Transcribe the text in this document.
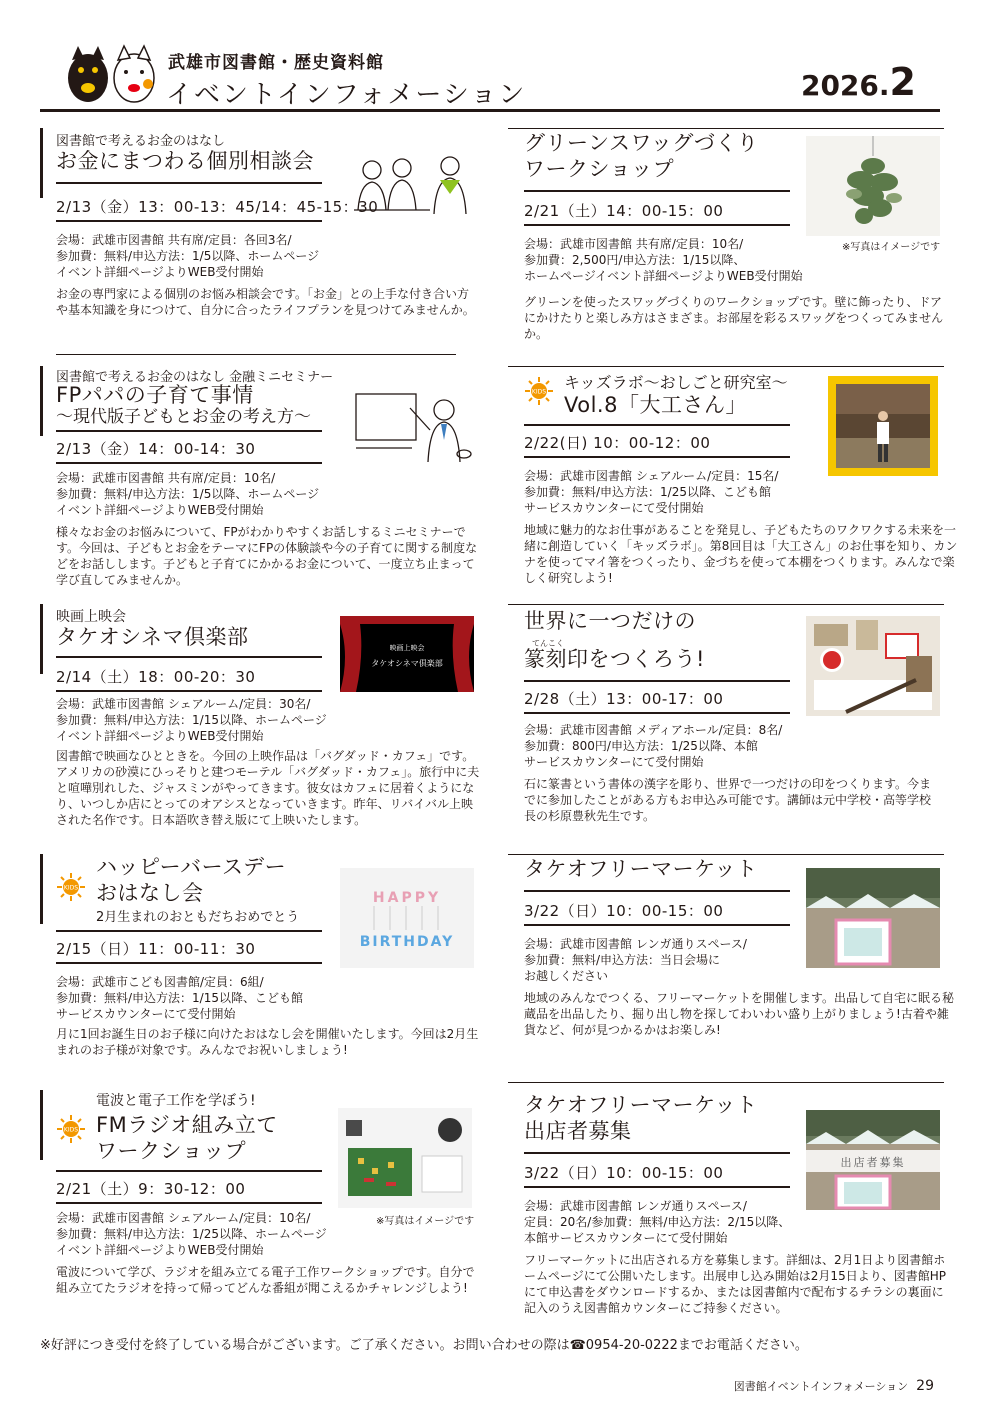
武雄市図書館・歴史資料館
イベントインフォメーション	2026.2
図書館で考えるお金のはなし
お金にまつわる個別相談会
2/13（金）13：00-13：45/14：45-15：30
会場：武雄市図書館 共有席/定員：各回3名/
参加費：無料/申込方法：1/5以降、ホームページ
イベント詳細ページよりWEB受付開始
お金の専門家による個別のお悩み相談会です。「お金」との上手な付き合い方や基本知識を身につけて、自分に合ったライフプランを見つけてみませんか。
グリーンスワッグづくり
ワークショップ
※写真はイメージです
2/21（土）14：00-15：00
会場：武雄市図書館 共有席/定員：10名/
参加費：2,500円/申込方法：1/15以降、
ホームページイベント詳細ページよりWEB受付開始
グリーンを使ったスワッグづくりのワークショップです。壁に飾ったり、ドアにかけたりと楽しみ方はさまざま。お部屋を彩るスワッグをつくってみませんか。
図書館で考えるお金のはなし 金融ミニセミナー
FPパパの子育て事情
～現代版子どもとお金の考え方～
2/13（金）14：00-14：30
会場：武雄市図書館 共有席/定員：10名/
参加費：無料/申込方法：1/5以降、ホームページ
イベント詳細ページよりWEB受付開始
様々なお金のお悩みについて、FPがわかりやすくお話しするミニセミナーです。今回は、子どもとお金をテーマにFPの体験談や今の子育てに関する制度などをお話しします。子どもと子育てにかかるお金について、一度立ち止まって学び直してみませんか。
KIDS キッズラボ～おしごと研究室～
Vol.8「大工さん」
2/22(日) 10：00-12：00
会場：武雄市図書館 シェアルーム/定員：15名/
参加費：無料/申込方法：1/25以降、こども館
サービスカウンターにて受付開始
地域に魅力的なお仕事があることを発見し、子どもたちのワクワクする未来を一緒に創造していく「キッズラボ」。第8回目は「大工さん」のお仕事を知り、カンナを使ってマイ箸をつくったり、金づちを使って本棚をつくります。みんなで楽しく研究しよう!
映画上映会
タケオシネマ倶楽部	映画上映会
タケオシネマ倶楽部
2/14（土）18：00-20：30
会場：武雄市図書館 シェアルーム/定員：30名/
参加費：無料/申込方法：1/15以降、ホームページ
イベント詳細ページよりWEB受付開始
図書館で映画なひとときを。今回の上映作品は「バグダッド・カフェ」です。アメリカの砂漠にひっそりと建つモーテル「バグダッド・カフェ」。旅行中に夫と喧嘩別れした、ジャスミンがやってきます。彼女はカフェに居着くようになり、いつしか店にとってのオアシスとなっていきます。昨年、リバイバル上映された名作です。日本語吹き替え版にて上映いたします。
世界に一つだけの
てんこく
篆刻印をつくろう!
2/28（土）13：00-17：00
会場：武雄市図書館 メディアホール/定員：8名/
参加費：800円/申込方法：1/25以降、本館
サービスカウンターにて受付開始
石に篆書という書体の漢字を彫り、世界で一つだけの印をつくります。今までに参加したことがある方もお申込み可能です。講師は元中学校・高等学校長の杉原豊秋先生です。
KIDS
ハッピーバースデー
おはなし会
2月生まれのおともだちおめでとう
HAPPY
BIRTHDAY
2/15（日）11：00-11：30
会場：武雄市こども図書館/定員：6組/
参加費：無料/申込方法：1/15以降、こども館
サービスカウンターにて受付開始
月に1回お誕生日のお子様に向けたおはなし会を開催いたします。今回は2月生まれのお子様が対象です。みんなでお祝いしましょう!
タケオフリーマーケット
3/22（日）10：00-15：00
会場：武雄市図書館 レンガ通りスペース/
参加費：無料/申込方法：当日会場に
お越しください
地域のみんなでつくる、フリーマーケットを開催します。出品して自宅に眠る秘蔵品を出品したり、掘り出し物を探してわいわい盛り上がりましょう!古着や雑貨など、何が見つかるかはお楽しみ!
KIDS
電波と電子工作を学ぼう!
FMラジオ組み立て
ワークショップ
※写真はイメージです
2/21（土）9：30-12：00
会場：武雄市図書館 シェアルーム/定員：10名/
参加費：無料/申込方法：1/25以降、ホームページ
イベント詳細ページよりWEB受付開始
電波について学び、ラジオを組み立てる電子工作ワークショップです。自分で組み立てたラジオを持って帰ってどんな番組が聞こえるかチャレンジしよう!
タケオフリーマーケット
出店者募集
出店者募集
3/22（日）10：00-15：00
会場：武雄市図書館 レンガ通りスペース/
定員：20名/参加費：無料/申込方法：2/15以降、
本館サービスカウンターにて受付開始
フリーマーケットに出店される方を募集します。詳細は、2月1日より図書館ホームページにて公開いたします。出展申し込み開始は2月15日より、図書館HPにて申込書をダウンロードするか、または図書館内で配布するチラシの裏面に記入のうえ図書館カウンターにご持参ください。
※好評につき受付を終了している場合がございます。ご了承ください。お問い合わせの際は☎0954-20-0222までお電話ください。
図書館イベントインフォメーション 29
